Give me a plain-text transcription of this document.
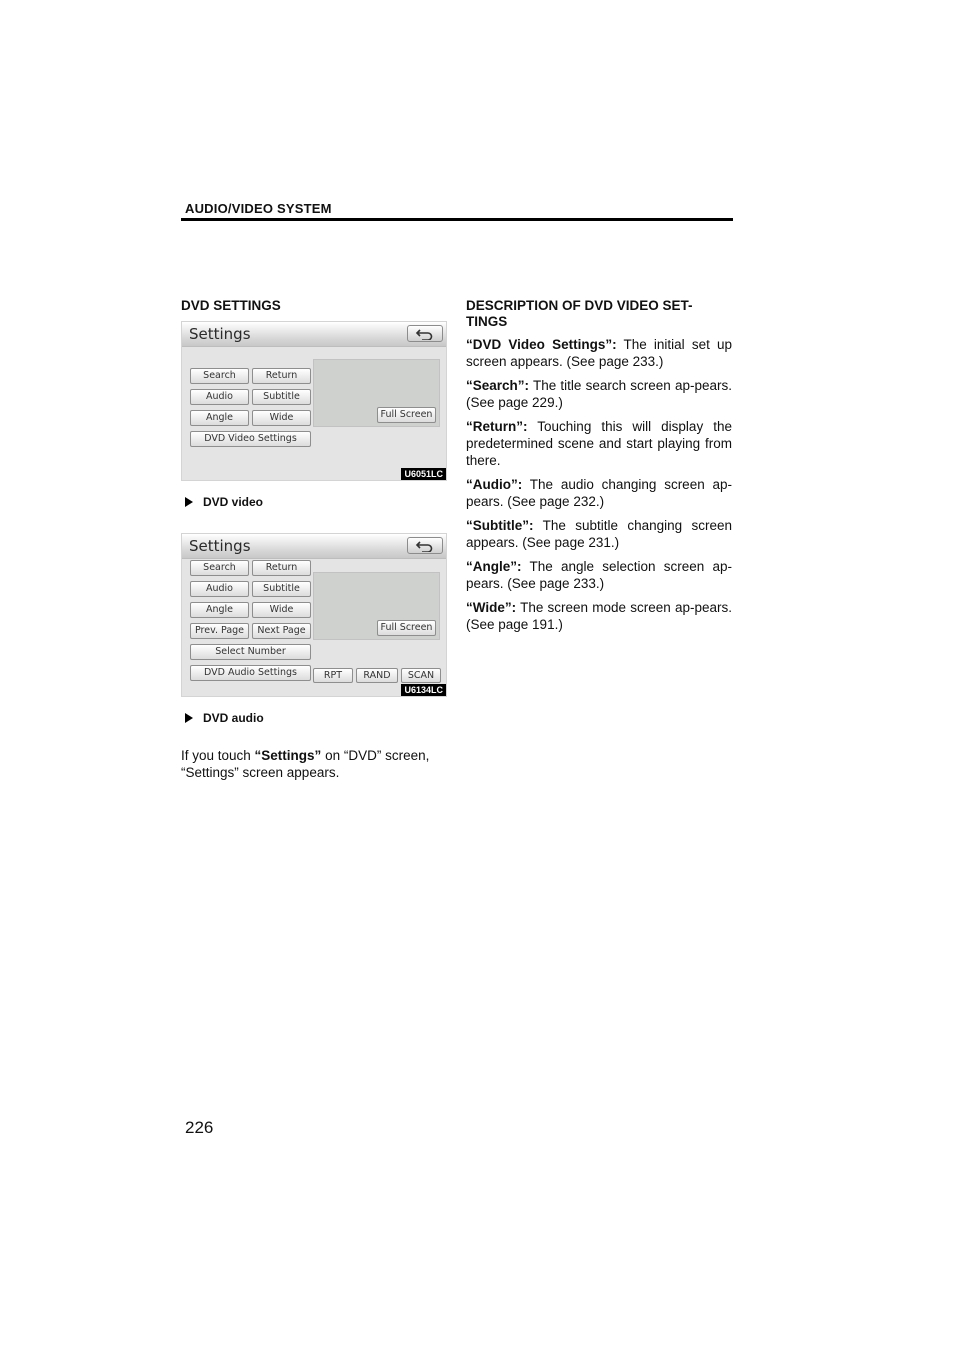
AUDIO/VIDEO SYSTEM
DVD SETTINGS
Settings
Search	Return
Audio	Subtitle
Angle	Wide
DVD Video Settings
Full Screen
U6051LC
DVD video
Settings
Search	Return
Audio	Subtitle
Angle	Wide
Prev. Page	Next Page
Select Number
DVD Audio Settings
Full Screen
RPT	RAND	SCAN
U6134LC
DVD audio

If you touch “Settings” on “DVD” screen, “Settings” screen appears.

DESCRIPTION OF DVD VIDEO SET-TINGS

“DVD Video Settings”: The initial set up screen appears. (See page 233.)

“Search”: The title search screen ap-pears. (See page 229.)

“Return”: Touching this will display the predetermined scene and start playing from there.

“Audio”: The audio changing screen ap-pears. (See page 232.)

“Subtitle”: The subtitle changing screen appears. (See page 231.)

“Angle”: The angle selection screen ap-pears. (See page 233.)

“Wide”: The screen mode screen ap-pears. (See page 191.)

226
